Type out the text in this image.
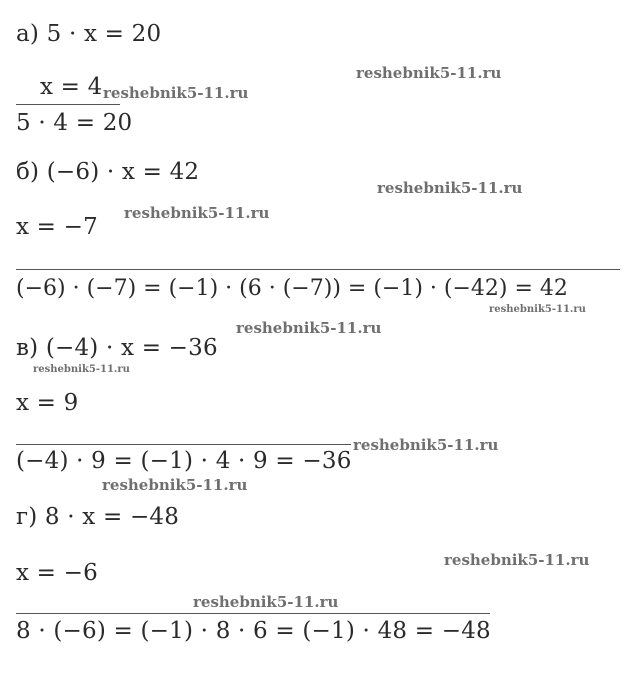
а) 5 · x = 20
x = 4
5 · 4 = 20
б) (−6) · x = 42
x = −7
(−6) · (−7) = (−1) · (6 · (−7)) = (−1) · (−42) = 42
в) (−4) · x = −36
x = 9
(−4) · 9 = (−1) · 4 · 9 = −36
г) 8 · x = −48
x = −6
8 · (−6) = (−1) · 8 · 6 = (−1) · 48 = −48
reshebnik5-11.ru
reshebnik5-11.ru
reshebnik5-11.ru
reshebnik5-11.ru
reshebnik5-11.ru
reshebnik5-11.ru
reshebnik5-11.ru
reshebnik5-11.ru
reshebnik5-11.ru
reshebnik5-11.ru
reshebnik5-11.ru
